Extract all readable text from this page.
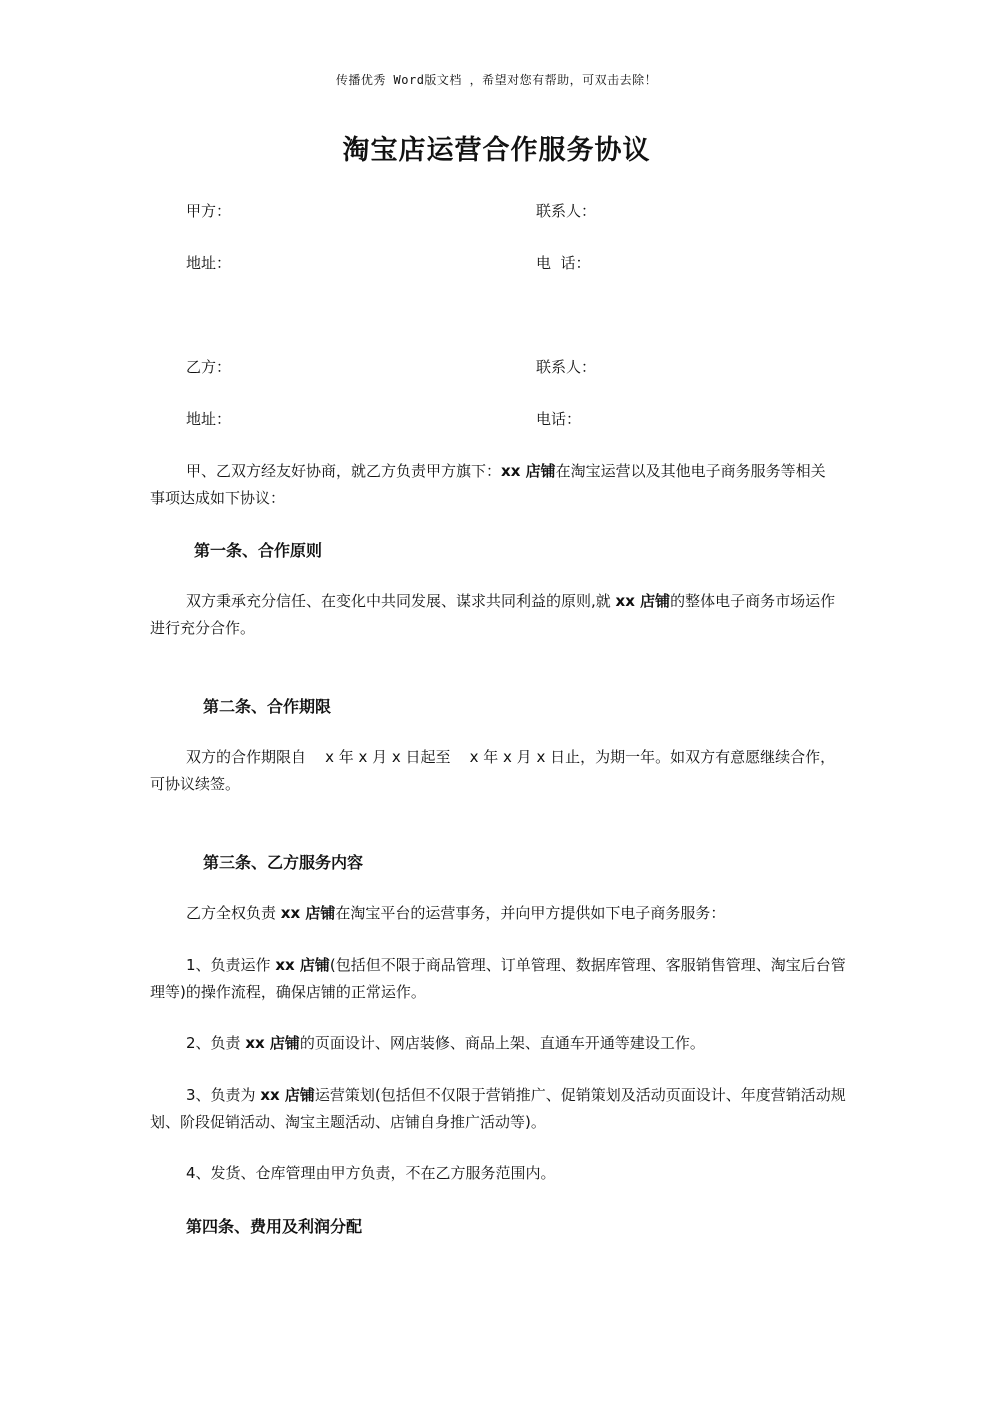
传播优秀 Word版文档 ，希望对您有帮助，可双击去除！
淘宝店运营合作服务协议
甲方：	联系人：
地址：	电  话：
乙方：	联系人：
地址：	电话：
甲、乙双方经友好协商，就乙方负责甲方旗下：xx 店铺在淘宝运营以及其他电子商务服务等相关事项达成如下协议：
第一条、合作原则
双方秉承充分信任、在变化中共同发展、谋求共同利益的原则,就 xx 店铺的整体电子商务市场运作进行充分合作。
第二条、合作期限
双方的合作期限自    x 年 x 月 x 日起至    x 年 x 月 x 日止，为期一年。如双方有意愿继续合作，可协议续签。
第三条、乙方服务内容
乙方全权负责 xx 店铺在淘宝平台的运营事务，并向甲方提供如下电子商务服务：
1、负责运作 xx 店铺(包括但不限于商品管理、订单管理、数据库管理、客服销售管理、淘宝后台管理等)的操作流程，确保店铺的正常运作。
2、负责 xx 店铺的页面设计、网店装修、商品上架、直通车开通等建设工作。
3、负责为 xx 店铺运营策划(包括但不仅限于营销推广、促销策划及活动页面设计、年度营销活动规划、阶段促销活动、淘宝主题活动、店铺自身推广活动等)。
4、发货、仓库管理由甲方负责，不在乙方服务范围内。
第四条、费用及利润分配
